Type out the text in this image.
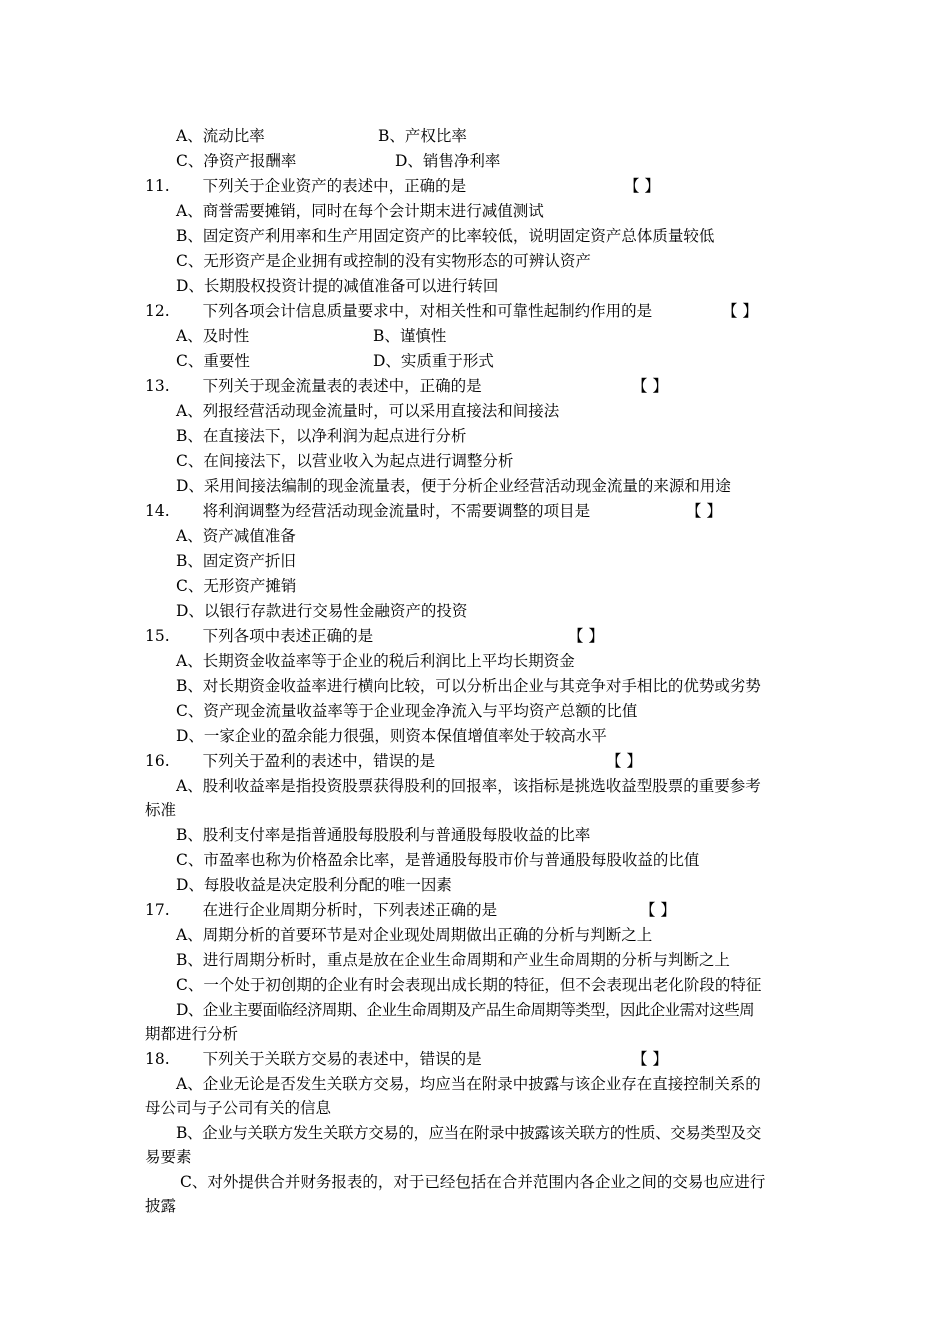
A、流动比率	B、产权比率
C、净资产报酬率	D、销售净利率
11. 下列关于企业资产的表述中，正确的是	【 】
A、商誉需要摊销，同时在每个会计期末进行减值测试
B、固定资产利用率和生产用固定资产的比率较低，说明固定资产总体质量较低
C、无形资产是企业拥有或控制的没有实物形态的可辨认资产
D、长期股权投资计提的减值准备可以进行转回
12. 下列各项会计信息质量要求中，对相关性和可靠性起制约作用的是	【 】
A、及时性	B、谨慎性
C、重要性	D、实质重于形式
13. 下列关于现金流量表的表述中，正确的是	【 】
A、列报经营活动现金流量时，可以采用直接法和间接法
B、在直接法下，以净利润为起点进行分析
C、在间接法下，以营业收入为起点进行调整分析
D、采用间接法编制的现金流量表，便于分析企业经营活动现金流量的来源和用途
14. 将利润调整为经营活动现金流量时，不需要调整的项目是	【 】
A、资产减值准备
B、固定资产折旧
C、无形资产摊销
D、以银行存款进行交易性金融资产的投资
15. 下列各项中表述正确的是	【 】
A、长期资金收益率等于企业的税后利润比上平均长期资金
B、对长期资金收益率进行横向比较，可以分析出企业与其竞争对手相比的优势或劣势
C、资产现金流量收益率等于企业现金净流入与平均资产总额的比值
D、一家企业的盈余能力很强，则资本保值增值率处于较高水平
16. 下列关于盈利的表述中，错误的是	【 】
A、股利收益率是指投资股票获得股利的回报率，该指标是挑选收益型股票的重要参考
标准
B、股利支付率是指普通股每股股利与普通股每股收益的比率
C、市盈率也称为价格盈余比率，是普通股每股市价与普通股每股收益的比值
D、每股收益是决定股利分配的唯一因素
17. 在进行企业周期分析时，下列表述正确的是	【 】
A、周期分析的首要环节是对企业现处周期做出正确的分析与判断之上
B、进行周期分析时，重点是放在企业生命周期和产业生命周期的分析与判断之上
C、一个处于初创期的企业有时会表现出成长期的特征，但不会表现出老化阶段的特征
D、企业主要面临经济周期、企业生命周期及产品生命周期等类型，因此企业需对这些周
期都进行分析
18. 下列关于关联方交易的表述中，错误的是	【 】
A、企业无论是否发生关联方交易，均应当在附录中披露与该企业存在直接控制关系的
母公司与子公司有关的信息
B、企业与关联方发生关联方交易的，应当在附录中披露该关联方的性质、交易类型及交
易要素
C、对外提供合并财务报表的，对于已经包括在合并范围内各企业之间的交易也应进行
披露
